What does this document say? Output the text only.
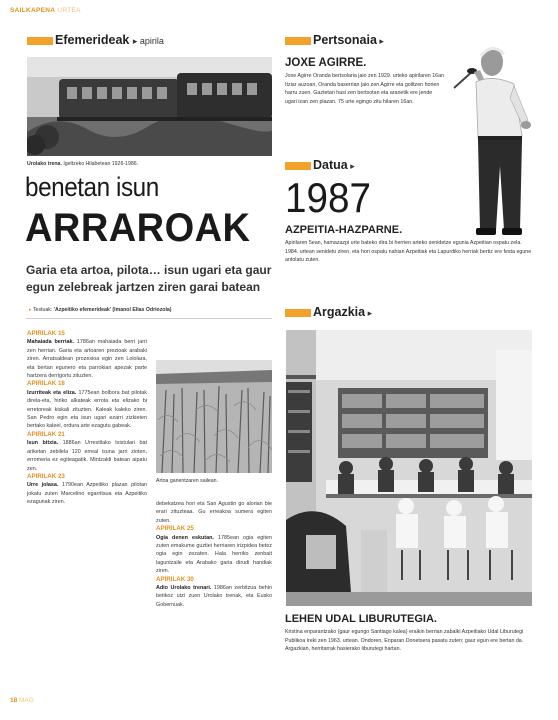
SAILKAPENA URTEA
Efemerideak ▸ apirila
Urolako trena. Igeltzeko Hilabetean 1926-1986.
benetan isun
ARRAROAK
Garia eta artoa, pilota… isun ugari eta gaur egun zelebreak jartzen ziren garai batean
▸ Testuak: 'Azpeitiko efemerideak' (Imanol Elias Odriozola)
APIRILAK 15
Mahaiada berriak. 1786an mahaiada berri jarri zen herrian. Garia eta artoaren prezioak arabaki ziren. Arratsaldean prozesioa egin zen Loiolara, eta bertan egunero eta parrokian apezak parte hartzera derrigortu zituzten.
APIRILAK 18
Izurriteak eta eliza. 1775ean bolbora bat pilotak direla-eta, hiriko alkateak errota eta elizako bi erretoreak kiskali zituzten. Kaleak kaleko ziren. San Pedro egin eta isun ugari ezarri zizkieten bertako kaleei, ordura arte ezagutu gabeak.
APIRILAK 21
Isun bitxia. 1886an Urrestilako txistulari bat ariketan zebilela 120 erreal isuna jarri zioten, erromeria ez egiteagatik. Mintzaldi batean aipatu zen.
APIRILAK 23
Urre jolasa. 1790ean Azpeitiko plazan pilotan jokatu zuten Marcelino egarritsua eta Azpeitiko ezagunak ziren.
Artoa ganentzaren sailean.
debekatzea hori eta San Agustin go alorian bie erari zituzteaa. Gu erreakoa sumera egiten zuten.
APIRILAK 25
Ogia denen eskutan. 1785ean ogia egiten zuten emakume guztiei herriaren irizpidea betez ogia egin zezaten. Hala herriko zenbait laguntzaile eta Arabako garia dirudi handiak ziren.
APIRILAK 30
Adio Urolako trenari. 1986an zerbitzua behin betikoz utzi zuen Urolako trenak, eta Eusko Gobernuak.
Pertsonaia ▸
JOXE AGIRRE.
Joxe Agirre Oranda bertsolaria jaio zen 1929. urteko apirilaren 16an Itziar auzoan, Oranda baserrian jaio zen Agirre eta goiltzen horien harru zuen. Gaztetan hasi zen bertsotan eta aranetik ere jende ugari izan zen plazan. 75 urte egingo zitu hilaren 16an.
Datua ▸
1987
AZPEITIA-HAZPARNE.
Apirilaren 5ean, hamazazpi urte bateko dira bi herrien arteko senidetze egunia Azpeitian ospatu zela. 1984. urtean senidetu ziren, eta hori ospatu nahian Azpeitiak eta Lapurdiko herriak bertiz ere festa egune antolatu zuten.
Argazkia ▸
LEHEN UDAL LIBURUTEGIA.
Kristina enparantzako (gaur egungo Santiago kalea) eraikin berrian zabalki Azpeitiako Udal Liburutegi Publikoa ireki zen 1963. urtean. Ondoren, Enparan Donetsera pasatu zuten; gaur egun ere bertan da. Argazkian, herritarrak hasierako liburutegi hartan.
18 MAG
